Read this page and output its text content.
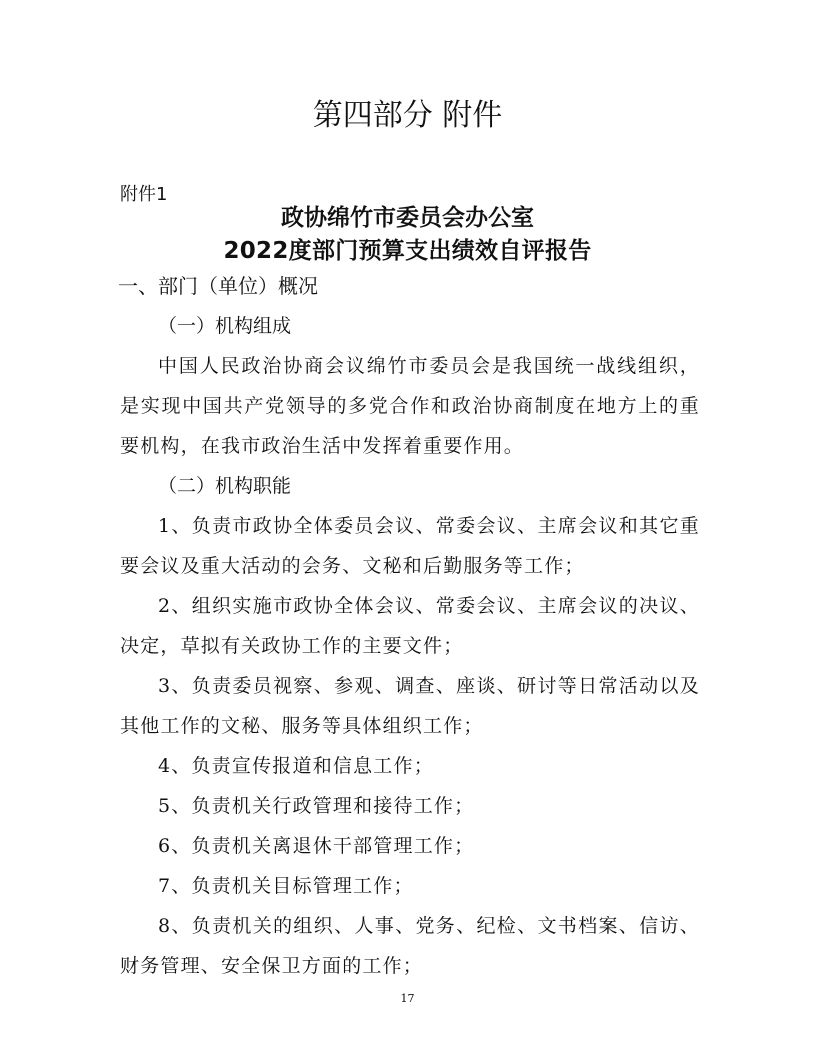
第四部分 附件
附件1
政协绵竹市委员会办公室
2022度部门预算支出绩效自评报告
一、部门（单位）概况

（一）机构组成

中国人民政治协商会议绵竹市委员会是我国统一战线组织，是实现中国共产党领导的多党合作和政治协商制度在地方上的重要机构，在我市政治生活中发挥着重要作用。

（二）机构职能

1、负责市政协全体委员会议、常委会议、主席会议和其它重要会议及重大活动的会务、文秘和后勤服务等工作；

2、组织实施市政协全体会议、常委会议、主席会议的决议、决定，草拟有关政协工作的主要文件；

3、负责委员视察、参观、调查、座谈、研讨等日常活动以及其他工作的文秘、服务等具体组织工作；

4、负责宣传报道和信息工作；

5、负责机关行政管理和接待工作；

6、负责机关离退休干部管理工作；

7、负责机关目标管理工作；

8、负责机关的组织、人事、党务、纪检、文书档案、信访、财务管理、安全保卫方面的工作；

17
